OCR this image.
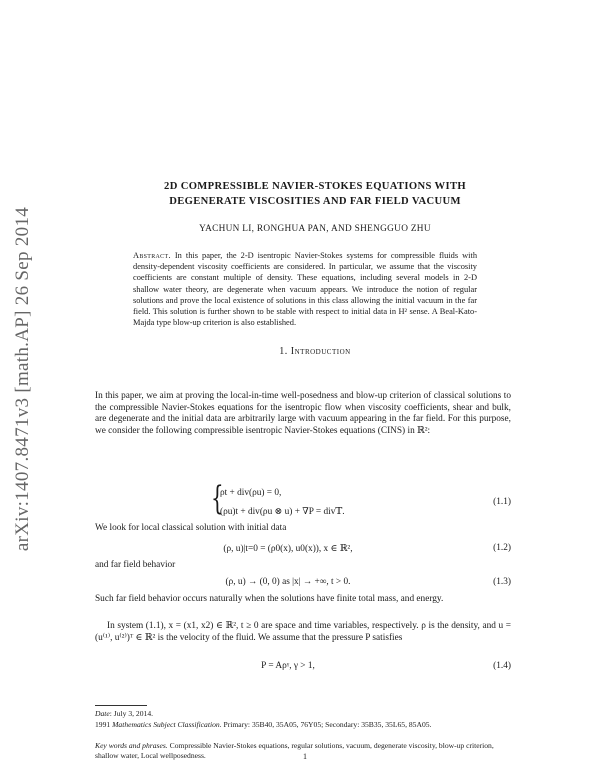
arXiv:1407.8471v3 [math.AP] 26 Sep 2014
2D COMPRESSIBLE NAVIER-STOKES EQUATIONS WITH
DEGENERATE VISCOSITIES AND FAR FIELD VACUUM
YACHUN LI, RONGHUA PAN, AND SHENGGUO ZHU
Abstract. In this paper, the 2-D isentropic Navier-Stokes systems for compressible fluids with density-dependent viscosity coefficients are considered. In particular, we assume that the viscosity coefficients are constant multiple of density. These equations, including several models in 2-D shallow water theory, are degenerate when vacuum appears. We introduce the notion of regular solutions and prove the local existence of solutions in this class allowing the initial vacuum in the far field. This solution is further shown to be stable with respect to initial data in H² sense. A Beal-Kato-Majda type blow-up criterion is also established.
1. Introduction
In this paper, we aim at proving the local-in-time well-posedness and blow-up criterion of classical solutions to the compressible Navier-Stokes equations for the isentropic flow when viscosity coefficients, shear and bulk, are degenerate and the initial data are arbitrarily large with vacuum appearing in the far field. For this purpose, we consider the following compressible isentropic Navier-Stokes equations (CINS) in ℝ²:
{
ρt + div(ρu) = 0,
(ρu)t + div(ρu ⊗ u) + ∇P = div𝕋.
(1.1)
We look for local classical solution with initial data
(ρ, u)|t=0 = (ρ0(x), u0(x)), x ∈ ℝ²,	(1.2)
and far field behavior
(ρ, u) → (0, 0) as |x| → +∞, t > 0.	(1.3)
Such far field behavior occurs naturally when the solutions have finite total mass, and energy.
In system (1.1), x = (x1, x2) ∈ ℝ², t ≥ 0 are space and time variables, respectively. ρ is the density, and u = (u⁽¹⁾, u⁽²⁾)ᵀ ∈ ℝ² is the velocity of the fluid. We assume that the pressure P satisfies
P = Aρᵞ, γ > 1,	(1.4)
Date: July 3, 2014.
1991 Mathematics Subject Classification. Primary: 35B40, 35A05, 76Y05; Secondary: 35B35, 35L65, 85A05.
Key words and phrases. Compressible Navier-Stokes equations, regular solutions, vacuum, degenerate viscosity, blow-up criterion, shallow water, Local wellposedness.	1
